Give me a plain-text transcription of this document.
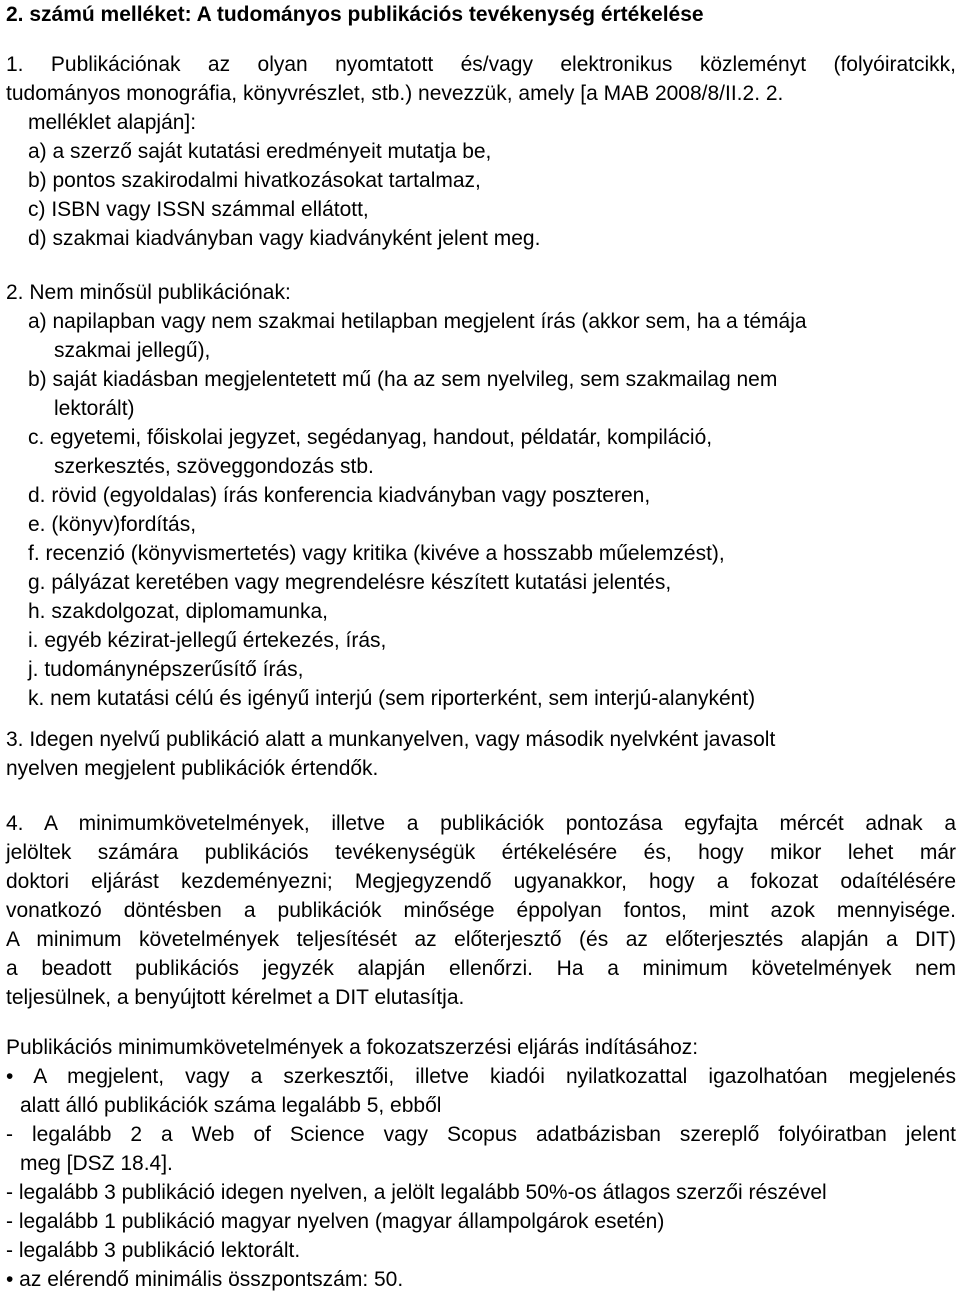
2. számú melléket: A tudományos publikációs tevékenység értékelése
1. Publikációnak az olyan nyomtatott és/vagy elektronikus közleményt (folyóiratcikk,
tudományos monográfia, könyvrészlet, stb.) nevezzük, amely [a MAB 2008/8/II.2. 2.
melléklet alapján]:
a) a szerző saját kutatási eredményeit mutatja be,
b) pontos szakirodalmi hivatkozásokat tartalmaz,
c) ISBN vagy ISSN számmal ellátott,
d) szakmai kiadványban vagy kiadványként jelent meg.
2. Nem minősül publikációnak:
a) napilapban vagy nem szakmai hetilapban megjelent írás (akkor sem, ha a témája
szakmai jellegű),
b) saját kiadásban megjelentetett mű (ha az sem nyelvileg, sem szakmailag nem
lektorált)
c. egyetemi, főiskolai jegyzet, segédanyag, handout, példatár, kompiláció,
szerkesztés, szöveggondozás stb.
d. rövid (egyoldalas) írás konferencia kiadványban vagy poszteren,
e. (könyv)fordítás,
f. recenzió (könyvismertetés) vagy kritika (kivéve a hosszabb műelemzést),
g. pályázat keretében vagy megrendelésre készített kutatási jelentés,
h. szakdolgozat, diplomamunka,
i. egyéb kézirat-jellegű értekezés, írás,
j. tudománynépszerűsítő írás,
k. nem kutatási célú és igényű interjú (sem riporterként, sem interjú-alanyként)
3. Idegen nyelvű publikáció alatt a munkanyelven, vagy második nyelvként javasolt
nyelven megjelent publikációk értendők.
4. A minimumkövetelmények, illetve a publikációk pontozása egyfajta mércét adnak a
jelöltek számára publikációs tevékenységük értékelésére és, hogy mikor lehet már
doktori eljárást kezdeményezni; Megjegyzendő ugyanakkor, hogy a fokozat odaítélésére
vonatkozó döntésben a publikációk minősége éppolyan fontos, mint azok mennyisége.
A minimum követelmények teljesítését az előterjesztő (és az előterjesztés alapján a DIT)
a beadott publikációs jegyzék alapján ellenőrzi. Ha a minimum követelmények nem
teljesülnek, a benyújtott kérelmet a DIT elutasítja.
Publikációs minimumkövetelmények a fokozatszerzési eljárás indításához:
• A megjelent, vagy a szerkesztői, illetve kiadói nyilatkozattal igazolhatóan megjelenés
alatt álló publikációk száma legalább 5, ebből
- legalább 2 a Web of Science vagy Scopus adatbázisban szereplő folyóiratban jelent
meg [DSZ 18.4].
- legalább 3 publikáció idegen nyelven, a jelölt legalább 50%-os átlagos szerzői részével
- legalább 1 publikáció magyar nyelven (magyar állampolgárok esetén)
- legalább 3 publikáció lektorált.
• az elérendő minimális összpontszám: 50.
